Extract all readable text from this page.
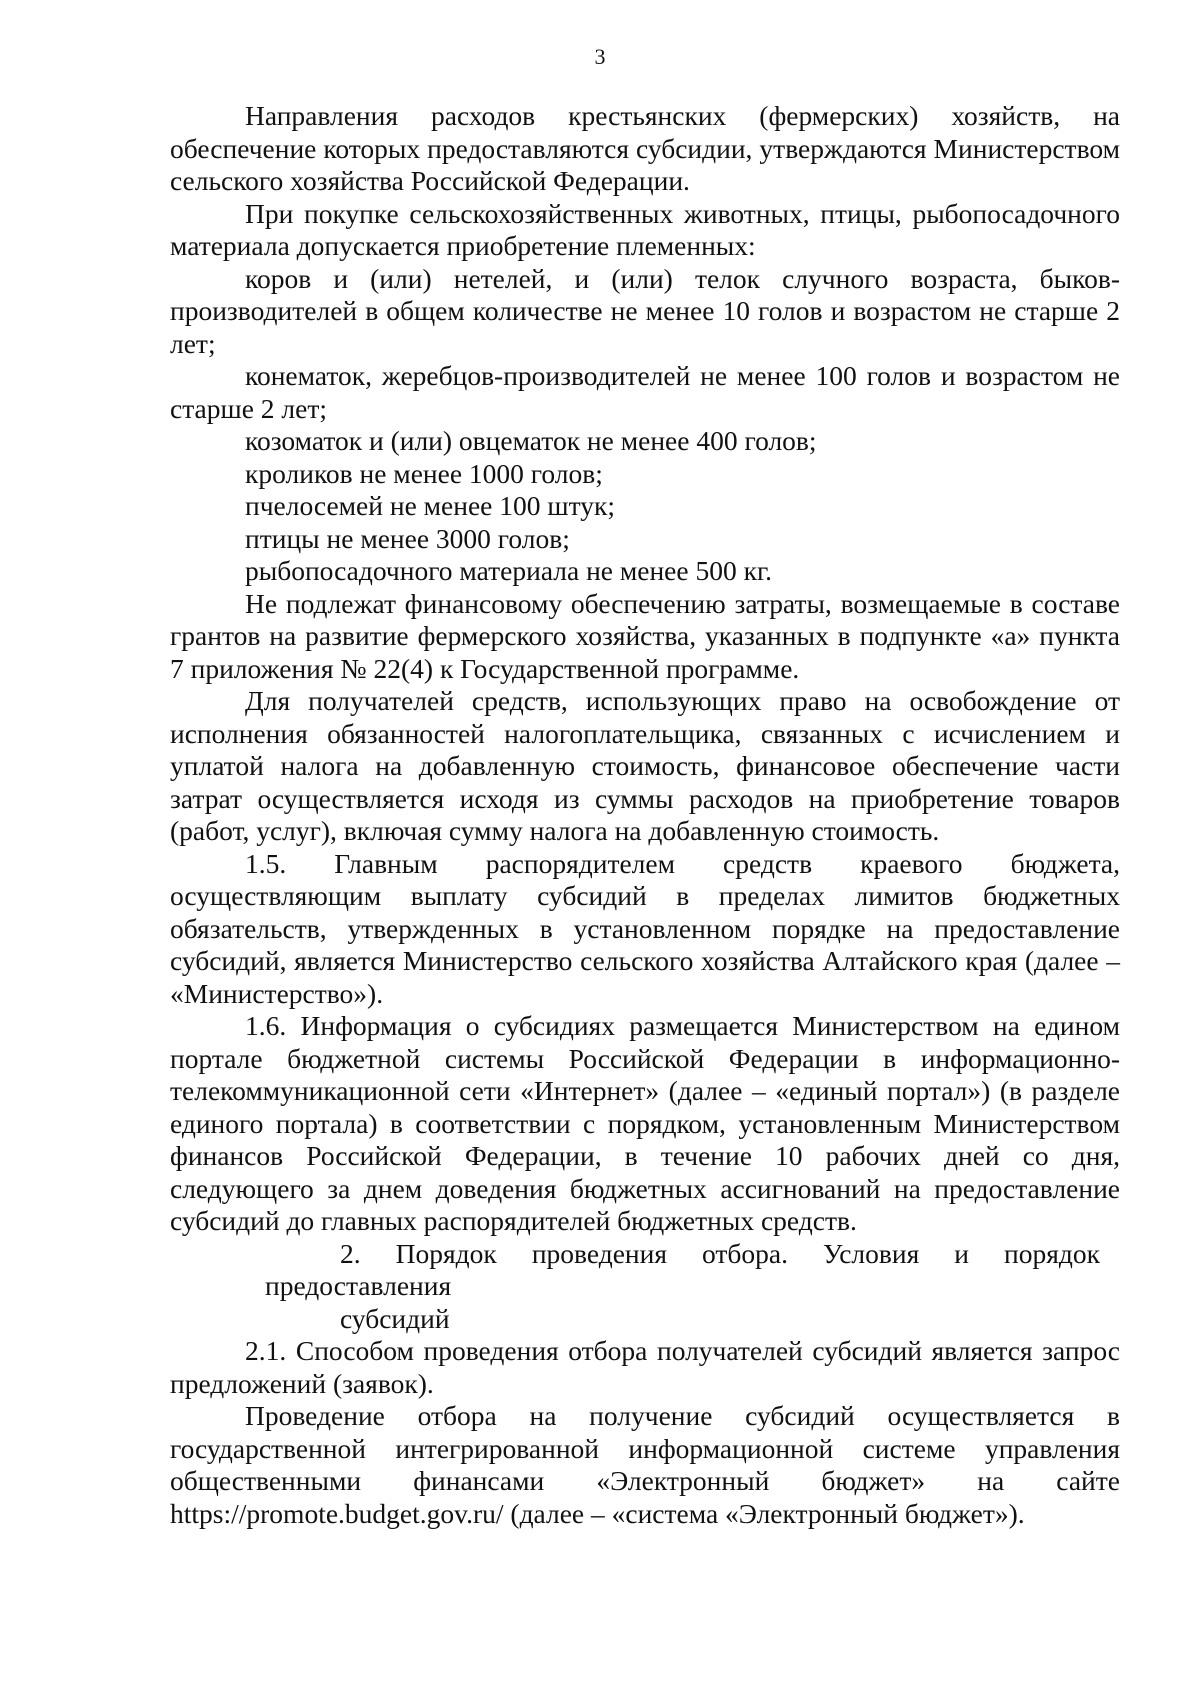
3

Направления расходов крестьянских (фермерских) хозяйств, на обеспечение которых предоставляются субсидии, утверждаются Министерством сельского хозяйства Российской Федерации.

При покупке сельскохозяйственных животных, птицы, рыбопосадочного материала допускается приобретение племенных:

коров и (или) нетелей, и (или) телок случного возраста, быков-производителей в общем количестве не менее 10 голов и возрастом не старше 2 лет;

конематок, жеребцов-производителей не менее 100 голов и возрастом не старше 2 лет;

козоматок и (или) овцематок не менее 400 голов;

кроликов не менее 1000 голов;

пчелосемей не менее 100 штук;

птицы не менее 3000 голов;

рыбопосадочного материала не менее 500 кг.

Не подлежат финансовому обеспечению затраты, возмещаемые в составе грантов на развитие фермерского хозяйства, указанных в подпункте «а» пункта 7 приложения № 22(4) к Государственной программе.

Для получателей средств, использующих право на освобождение от исполнения обязанностей налогоплательщика, связанных с исчислением и уплатой налога на добавленную стоимость, финансовое обеспечение части затрат осуществляется исходя из суммы расходов на приобретение товаров (работ, услуг), включая сумму налога на добавленную стоимость.

1.5. Главным распорядителем средств краевого бюджета, осуществляющим выплату субсидий в пределах лимитов бюджетных обязательств, утвержденных в установленном порядке на предоставление субсидий, является Министерство сельского хозяйства Алтайского края (далее – «Министерство»).

1.6. Информация о субсидиях размещается Министерством на едином портале бюджетной системы Российской Федерации в информационно-телекоммуникационной сети «Интернет» (далее – «единый портал») (в разделе единого портала) в соответствии с порядком, установленным Министерством финансов Российской Федерации, в течение 10 рабочих дней со дня, следующего за днем доведения бюджетных ассигнований на предоставление субсидий до главных распорядителей бюджетных средств.

2. Порядок проведения отбора. Условия и порядок предоставления
субсидий

2.1. Способом проведения отбора получателей субсидий является запрос предложений (заявок).

Проведение отбора на получение субсидий осуществляется в государственной интегрированной информационной системе управления общественными финансами «Электронный бюджет» на сайте https://promote.budget.gov.ru/ (далее – «система «Электронный бюджет»).
